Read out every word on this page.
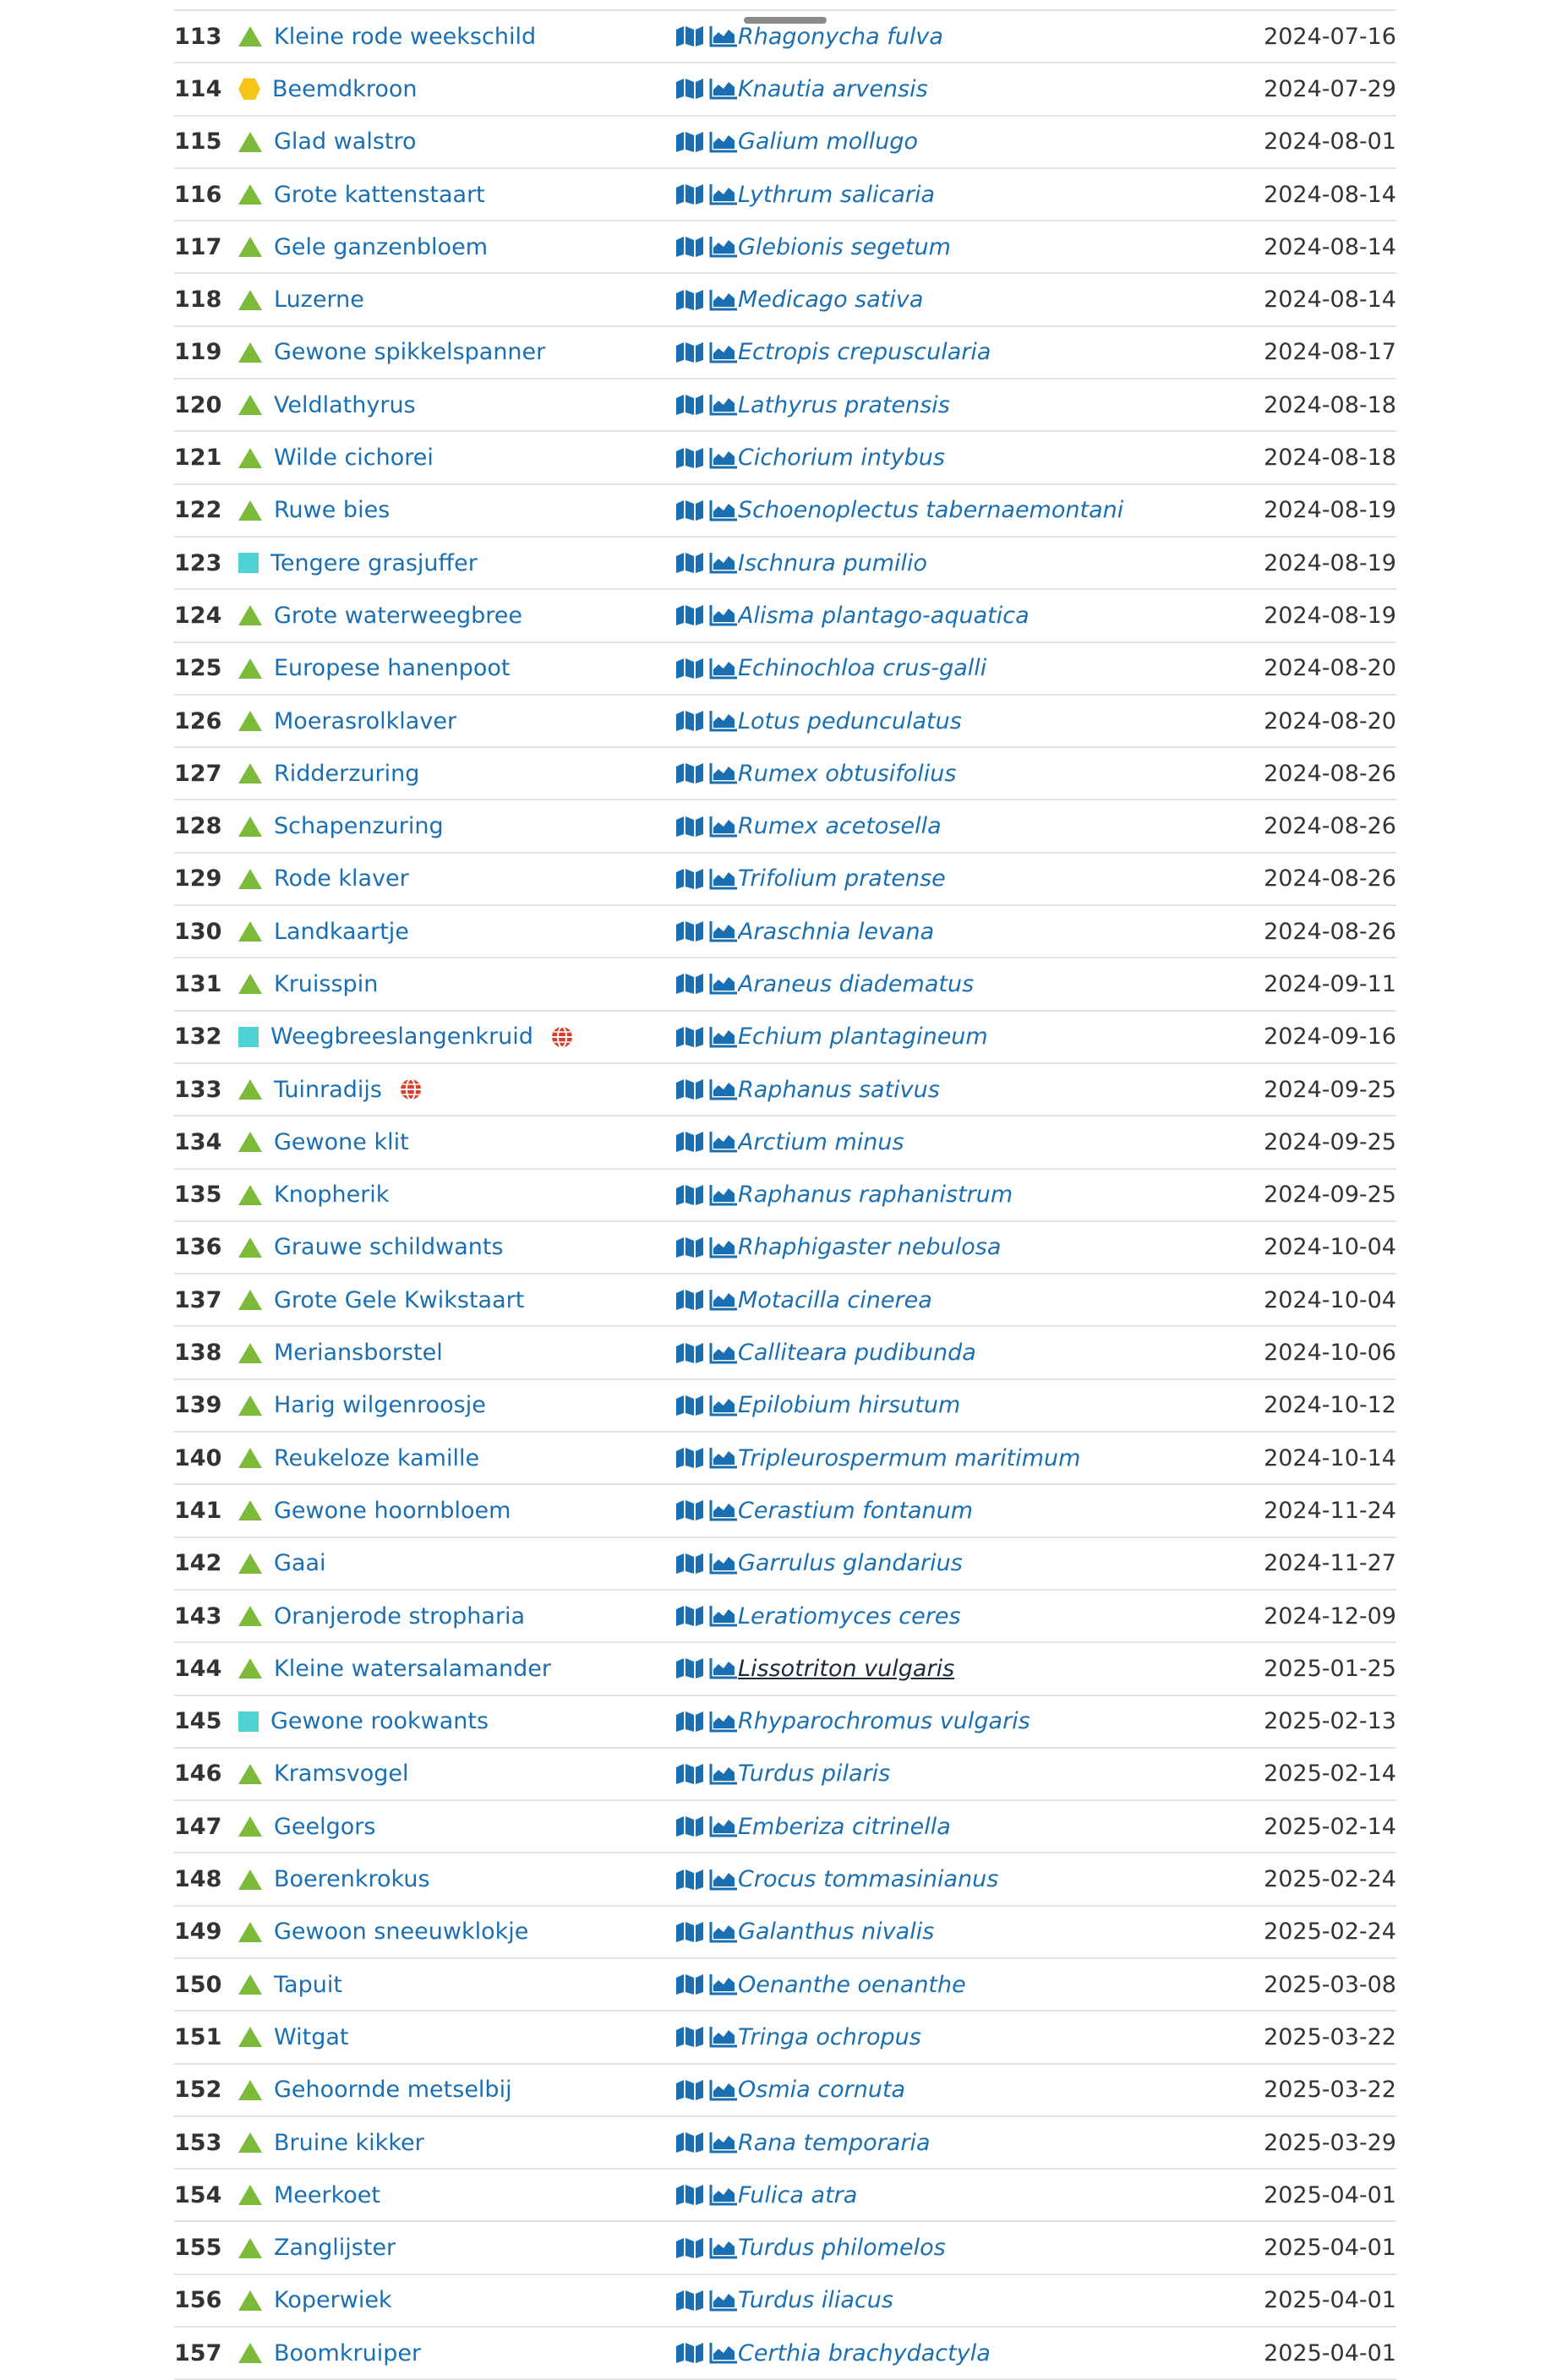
113	Kleine rode weekschild		Rhagonycha fulva	2024-07-16
114	Beemdkroon		Knautia arvensis	2024-07-29
115	Glad walstro		Galium mollugo	2024-08-01
116	Grote kattenstaart		Lythrum salicaria	2024-08-14
117	Gele ganzenbloem		Glebionis segetum	2024-08-14
118	Luzerne		Medicago sativa	2024-08-14
119	Gewone spikkelspanner		Ectropis crepuscularia	2024-08-17
120	Veldlathyrus		Lathyrus pratensis	2024-08-18
121	Wilde cichorei		Cichorium intybus	2024-08-18
122	Ruwe bies		Schoenoplectus tabernaemontani	2024-08-19
123	Tengere grasjuffer		Ischnura pumilio	2024-08-19
124	Grote waterweegbree		Alisma plantago-aquatica	2024-08-19
125	Europese hanenpoot		Echinochloa crus-galli	2024-08-20
126	Moerasrolklaver		Lotus pedunculatus	2024-08-20
127	Ridderzuring		Rumex obtusifolius	2024-08-26
128	Schapenzuring		Rumex acetosella	2024-08-26
129	Rode klaver		Trifolium pratense	2024-08-26
130	Landkaartje		Araschnia levana	2024-08-26
131	Kruisspin		Araneus diadematus	2024-09-11
132	Weegbreeslangenkruid		Echium plantagineum	2024-09-16
133	Tuinradijs		Raphanus sativus	2024-09-25
134	Gewone klit		Arctium minus	2024-09-25
135	Knopherik		Raphanus raphanistrum	2024-09-25
136	Grauwe schildwants		Rhaphigaster nebulosa	2024-10-04
137	Grote Gele Kwikstaart		Motacilla cinerea	2024-10-04
138	Meriansborstel		Calliteara pudibunda	2024-10-06
139	Harig wilgenroosje		Epilobium hirsutum	2024-10-12
140	Reukeloze kamille		Tripleurospermum maritimum	2024-10-14
141	Gewone hoornbloem		Cerastium fontanum	2024-11-24
142	Gaai		Garrulus glandarius	2024-11-27
143	Oranjerode stropharia		Leratiomyces ceres	2024-12-09
144	Kleine watersalamander		Lissotriton vulgaris	2025-01-25
145	Gewone rookwants		Rhyparochromus vulgaris	2025-02-13
146	Kramsvogel		Turdus pilaris	2025-02-14
147	Geelgors		Emberiza citrinella	2025-02-14
148	Boerenkrokus		Crocus tommasinianus	2025-02-24
149	Gewoon sneeuwklokje		Galanthus nivalis	2025-02-24
150	Tapuit		Oenanthe oenanthe	2025-03-08
151	Witgat		Tringa ochropus	2025-03-22
152	Gehoornde metselbij		Osmia cornuta	2025-03-22
153	Bruine kikker		Rana temporaria	2025-03-29
154	Meerkoet		Fulica atra	2025-04-01
155	Zanglijster		Turdus philomelos	2025-04-01
156	Koperwiek		Turdus iliacus	2025-04-01
157	Boomkruiper		Certhia brachydactyla	2025-04-01
